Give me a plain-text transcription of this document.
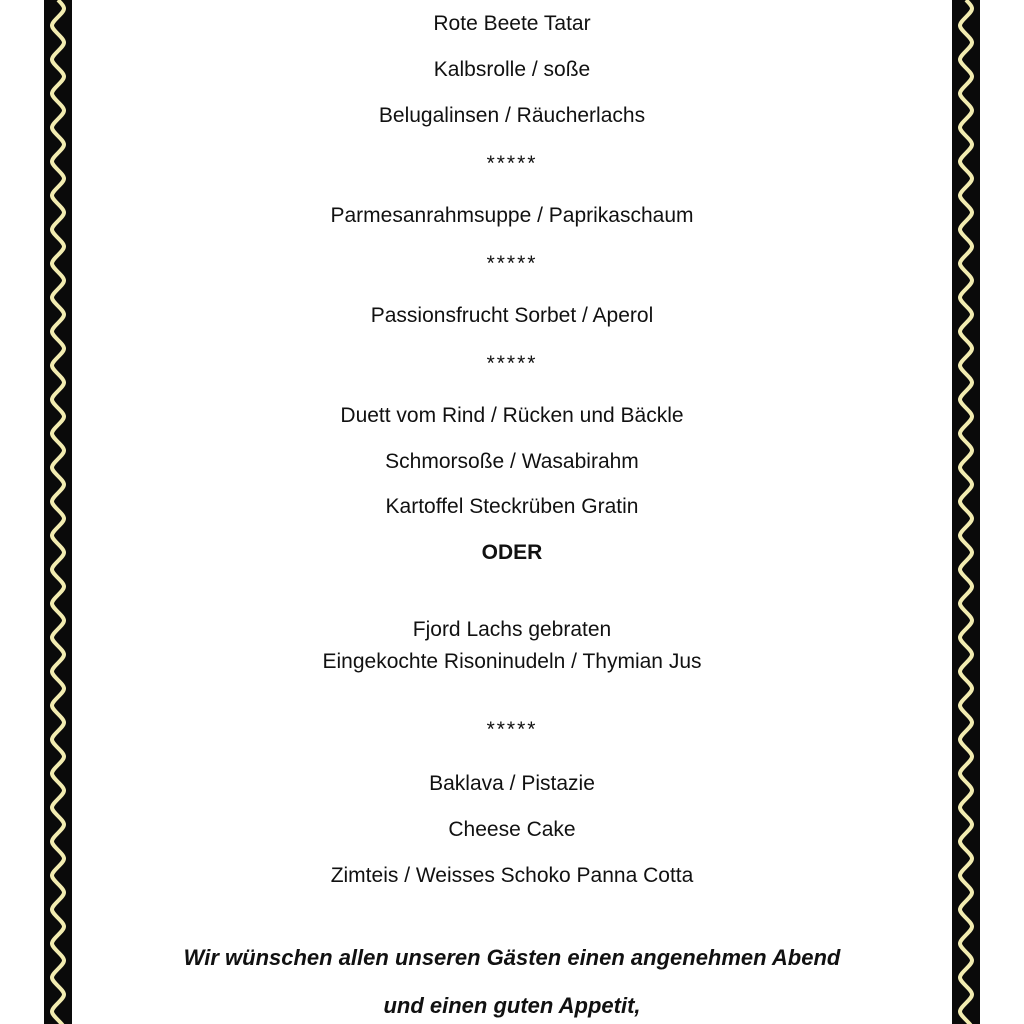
Rote Beete Tatar
Kalbsrolle / soße
Belugalinsen / Räucherlachs
*****
Parmesanrahmsuppe / Paprikaschaum
*****
Passionsfrucht Sorbet / Aperol
*****
Duett vom Rind / Rücken und Bäckle
Schmorsoße / Wasabirahm
Kartoffel Steckrüben Gratin
ODER
Fjord Lachs gebraten
Eingekochte Risoninudeln / Thymian Jus
*****
Baklava / Pistazie
Cheese Cake
Zimteis / Weisses Schoko Panna Cotta
Wir wünschen allen unseren Gästen einen angenehmen Abend
und einen guten Appetit,
